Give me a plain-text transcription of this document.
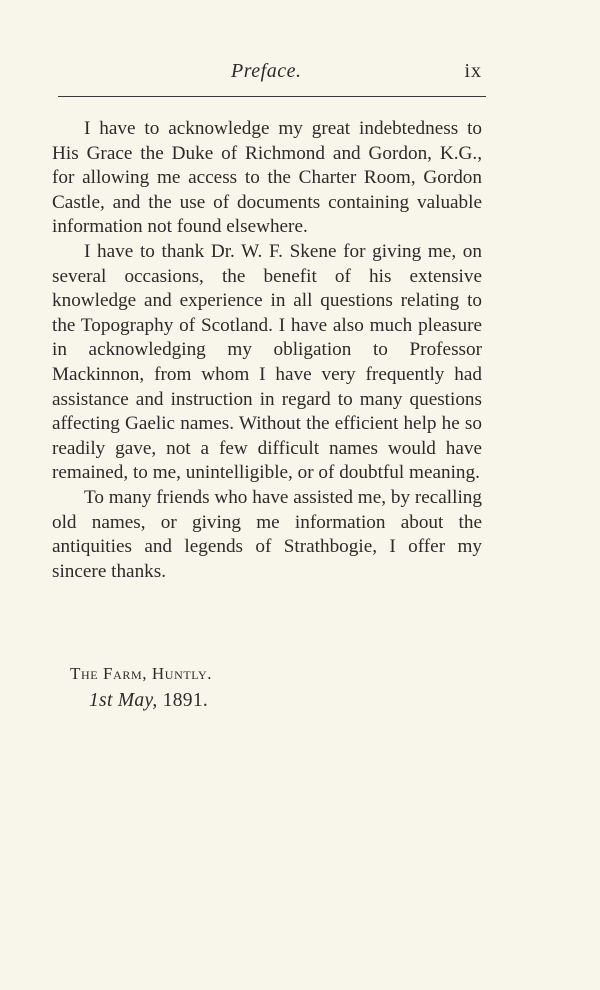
Preface.	ix

I have to acknowledge my great indebtedness to His Grace the Duke of Richmond and Gordon, K.G., for allowing me access to the Charter Room, Gordon Castle, and the use of documents containing valuable information not found elsewhere.

I have to thank Dr. W. F. Skene for giving me, on several occasions, the benefit of his extensive knowledge and experience in all questions relating to the Topography of Scotland. I have also much pleasure in acknowledging my obligation to Professor Mackinnon, from whom I have very frequently had assistance and instruction in regard to many questions affecting Gaelic names. Without the efficient help he so readily gave, not a few difficult names would have remained, to me, unintelligible, or of doubtful meaning.

To many friends who have assisted me, by recalling old names, or giving me information about the antiquities and legends of Strathbogie, I offer my sincere thanks.

The Farm, Huntly.
1st May, 1891.
